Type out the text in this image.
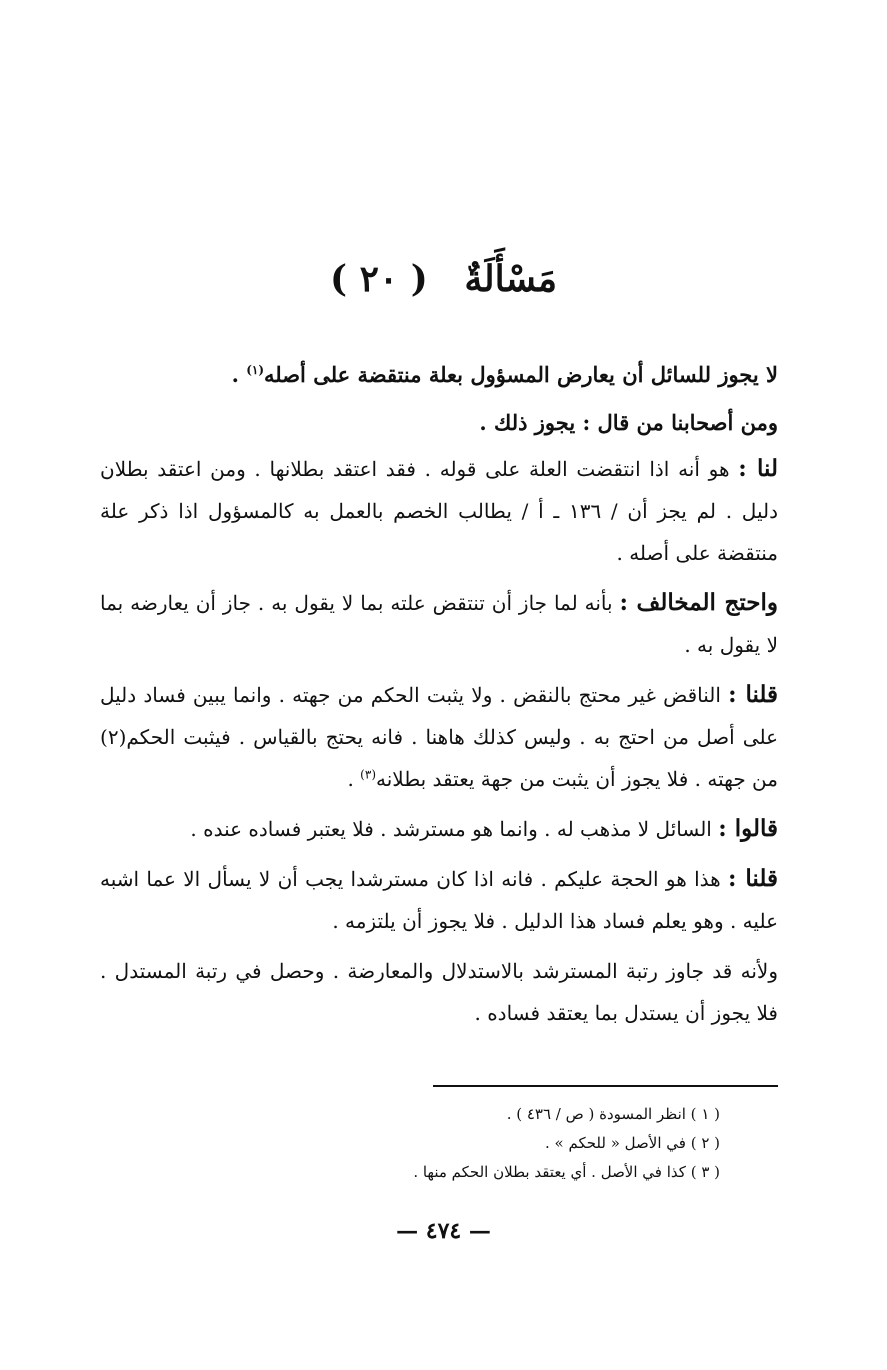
مَسْأَلَةٌ ( ٢٠ )

لا يجوز للسائل أن يعارض المسؤول بعلة منتقضة على أصله$^{(١)}$ .

ومن أصحابنا من قال : يجوز ذلك .

لنا : هو أنه اذا انتقضت العلة على قوله . فقد اعتقد بطلانها . ومن اعتقد بطلان دليل . لم يجز أن / ١٣٦ ـ أ / يطالب الخصم بالعمل به كالمسؤول اذا ذكر علة منتقضة على أصله .

واحتج المخالف : بأنه لما جاز أن تنتقض علته بما لا يقول به . جاز أن يعارضه بما لا يقول به .

قلنا : الناقض غير محتج بالنقض . ولا يثبت الحكم من جهته . وانما يبين فساد دليل على أصل من احتج به . وليس كذلك هاهنا . فانه يحتج بالقياس . فيثبت الحكم(٢) من جهته . فلا يجوز أن يثبت من جهة يعتقد بطلانه$^{(٣)}$ .

قالوا : السائل لا مذهب له . وانما هو مسترشد . فلا يعتبر فساده عنده .

قلنا : هذا هو الحجة عليكم . فانه اذا كان مسترشدا يجب أن لا يسأل الا عما اشبه عليه . وهو يعلم فساد هذا الدليل . فلا يجوز أن يلتزمه .

ولأنه قد جاوز رتبة المسترشد بالاستدلال والمعارضة . وحصل في رتبة المستدل . فلا يجوز أن يستدل بما يعتقد فساده .

( ١ ) انظر المسودة ( ص / ٤٣٦ ) .

( ٢ ) في الأصل « للحكم » .

( ٣ ) كذا في الأصل . أي يعتقد بطلان الحكم منها .

— ٤٧٤ —
